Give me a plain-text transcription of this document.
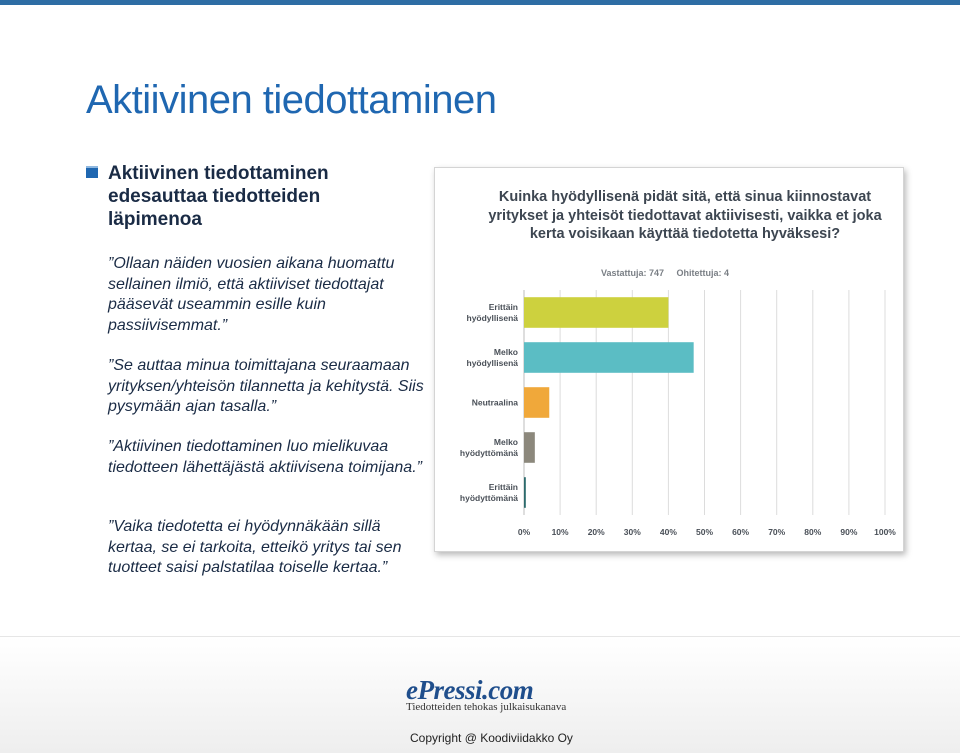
Aktiivinen tiedottaminen
Aktiivinen tiedottaminen edesauttaa tiedotteiden läpimenoa
”Ollaan näiden vuosien aikana huomattu sellainen ilmiö, että aktiiviset tiedottajat pääsevät useammin esille kuin passiivisemmat.”
”Se auttaa minua toimittajana seuraamaan yrityksen/yhteisön tilannetta ja kehitystä. Siis pysymään ajan tasalla.”
”Aktiivinen tiedottaminen luo mielikuvaa tiedotteen lähettäjästä aktiivisena toimijana.”
”Vaika tiedotetta ei hyödynnäkään sillä kertaa, se ei tarkoita, etteikö yritys tai sen tuotteet saisi palstatilaa toiselle kertaa.”
Kuinka hyödyllisenä pidät sitä, että sinua kiinnostavat yritykset ja yhteisöt tiedottavat aktiivisesti, vaikka et joka kerta voisikaan käyttää tiedotetta hyväksesi?
Vastattuja: 747 Ohitettuja: 4
Erittäin hyödyllisenä
Melko hyödyllisenä
Neutraalina
Melko hyödyttömänä
Erittäin hyödyttömänä
0%	10% 20% 30% 40% 50% 60% 70% 80% 90% 100%
ePressi.com
Tiedotteiden tehokas julkaisukanava
Copyright @ Koodiviidakko Oy
